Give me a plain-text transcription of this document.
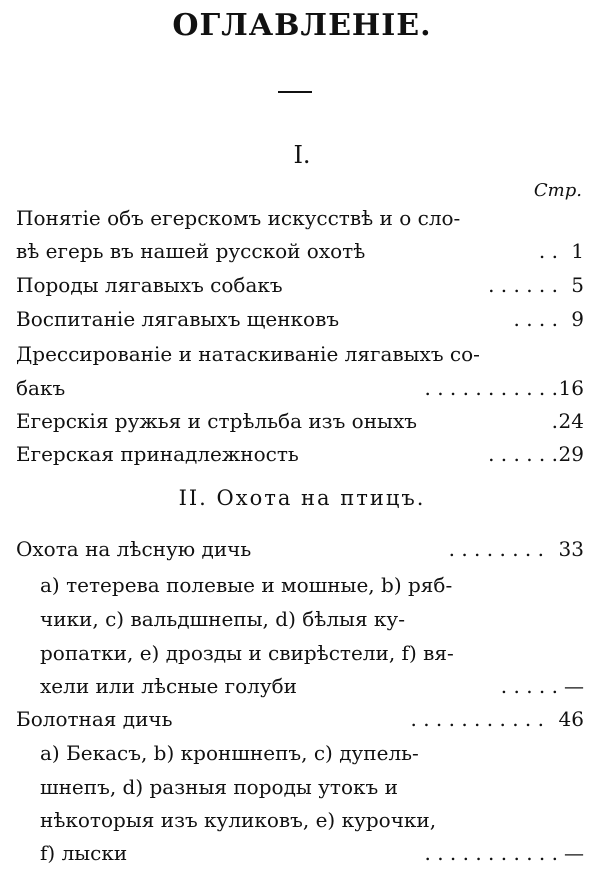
ОГЛАВЛЕНІЕ.
I.
Стр.
Понятіе объ егерскомъ искусствѣ и о сло-
вѣ егерь въ нашей русской охотѣ	. . 1
Породы лягавыхъ собакъ	. . . . . . 5
Воспитаніе лягавыхъ щенковъ	. . . . 9
Дрессированіе и натаскиваніе лягавыхъ со-
бакъ	. . . . . . . . . . . 16
Егерскія ружья и стрѣльба изъ оныхъ	. 24
Егерская принадлежность	. . . . . . 29
II. Охота на птицъ.
Охота на лѣсную дичь	. . . . . . . . 33
а) тетерева полевые и мошные, b) ряб-
чики, с) вальдшнепы, d) бѣлыя ку-
ропатки, е) дрозды и свирѣстели, f) вя-
хели или лѣсные голуби	. . . . . —
Болотная дичь	. . . . . . . . . . . 46
а) Бекасъ, b) кроншнепъ, с) дупель-
шнепъ, d) разныя породы утокъ и
нѣкоторыя изъ куликовъ, е) курочки,
f) лыски	. . . . . . . . . . . —
